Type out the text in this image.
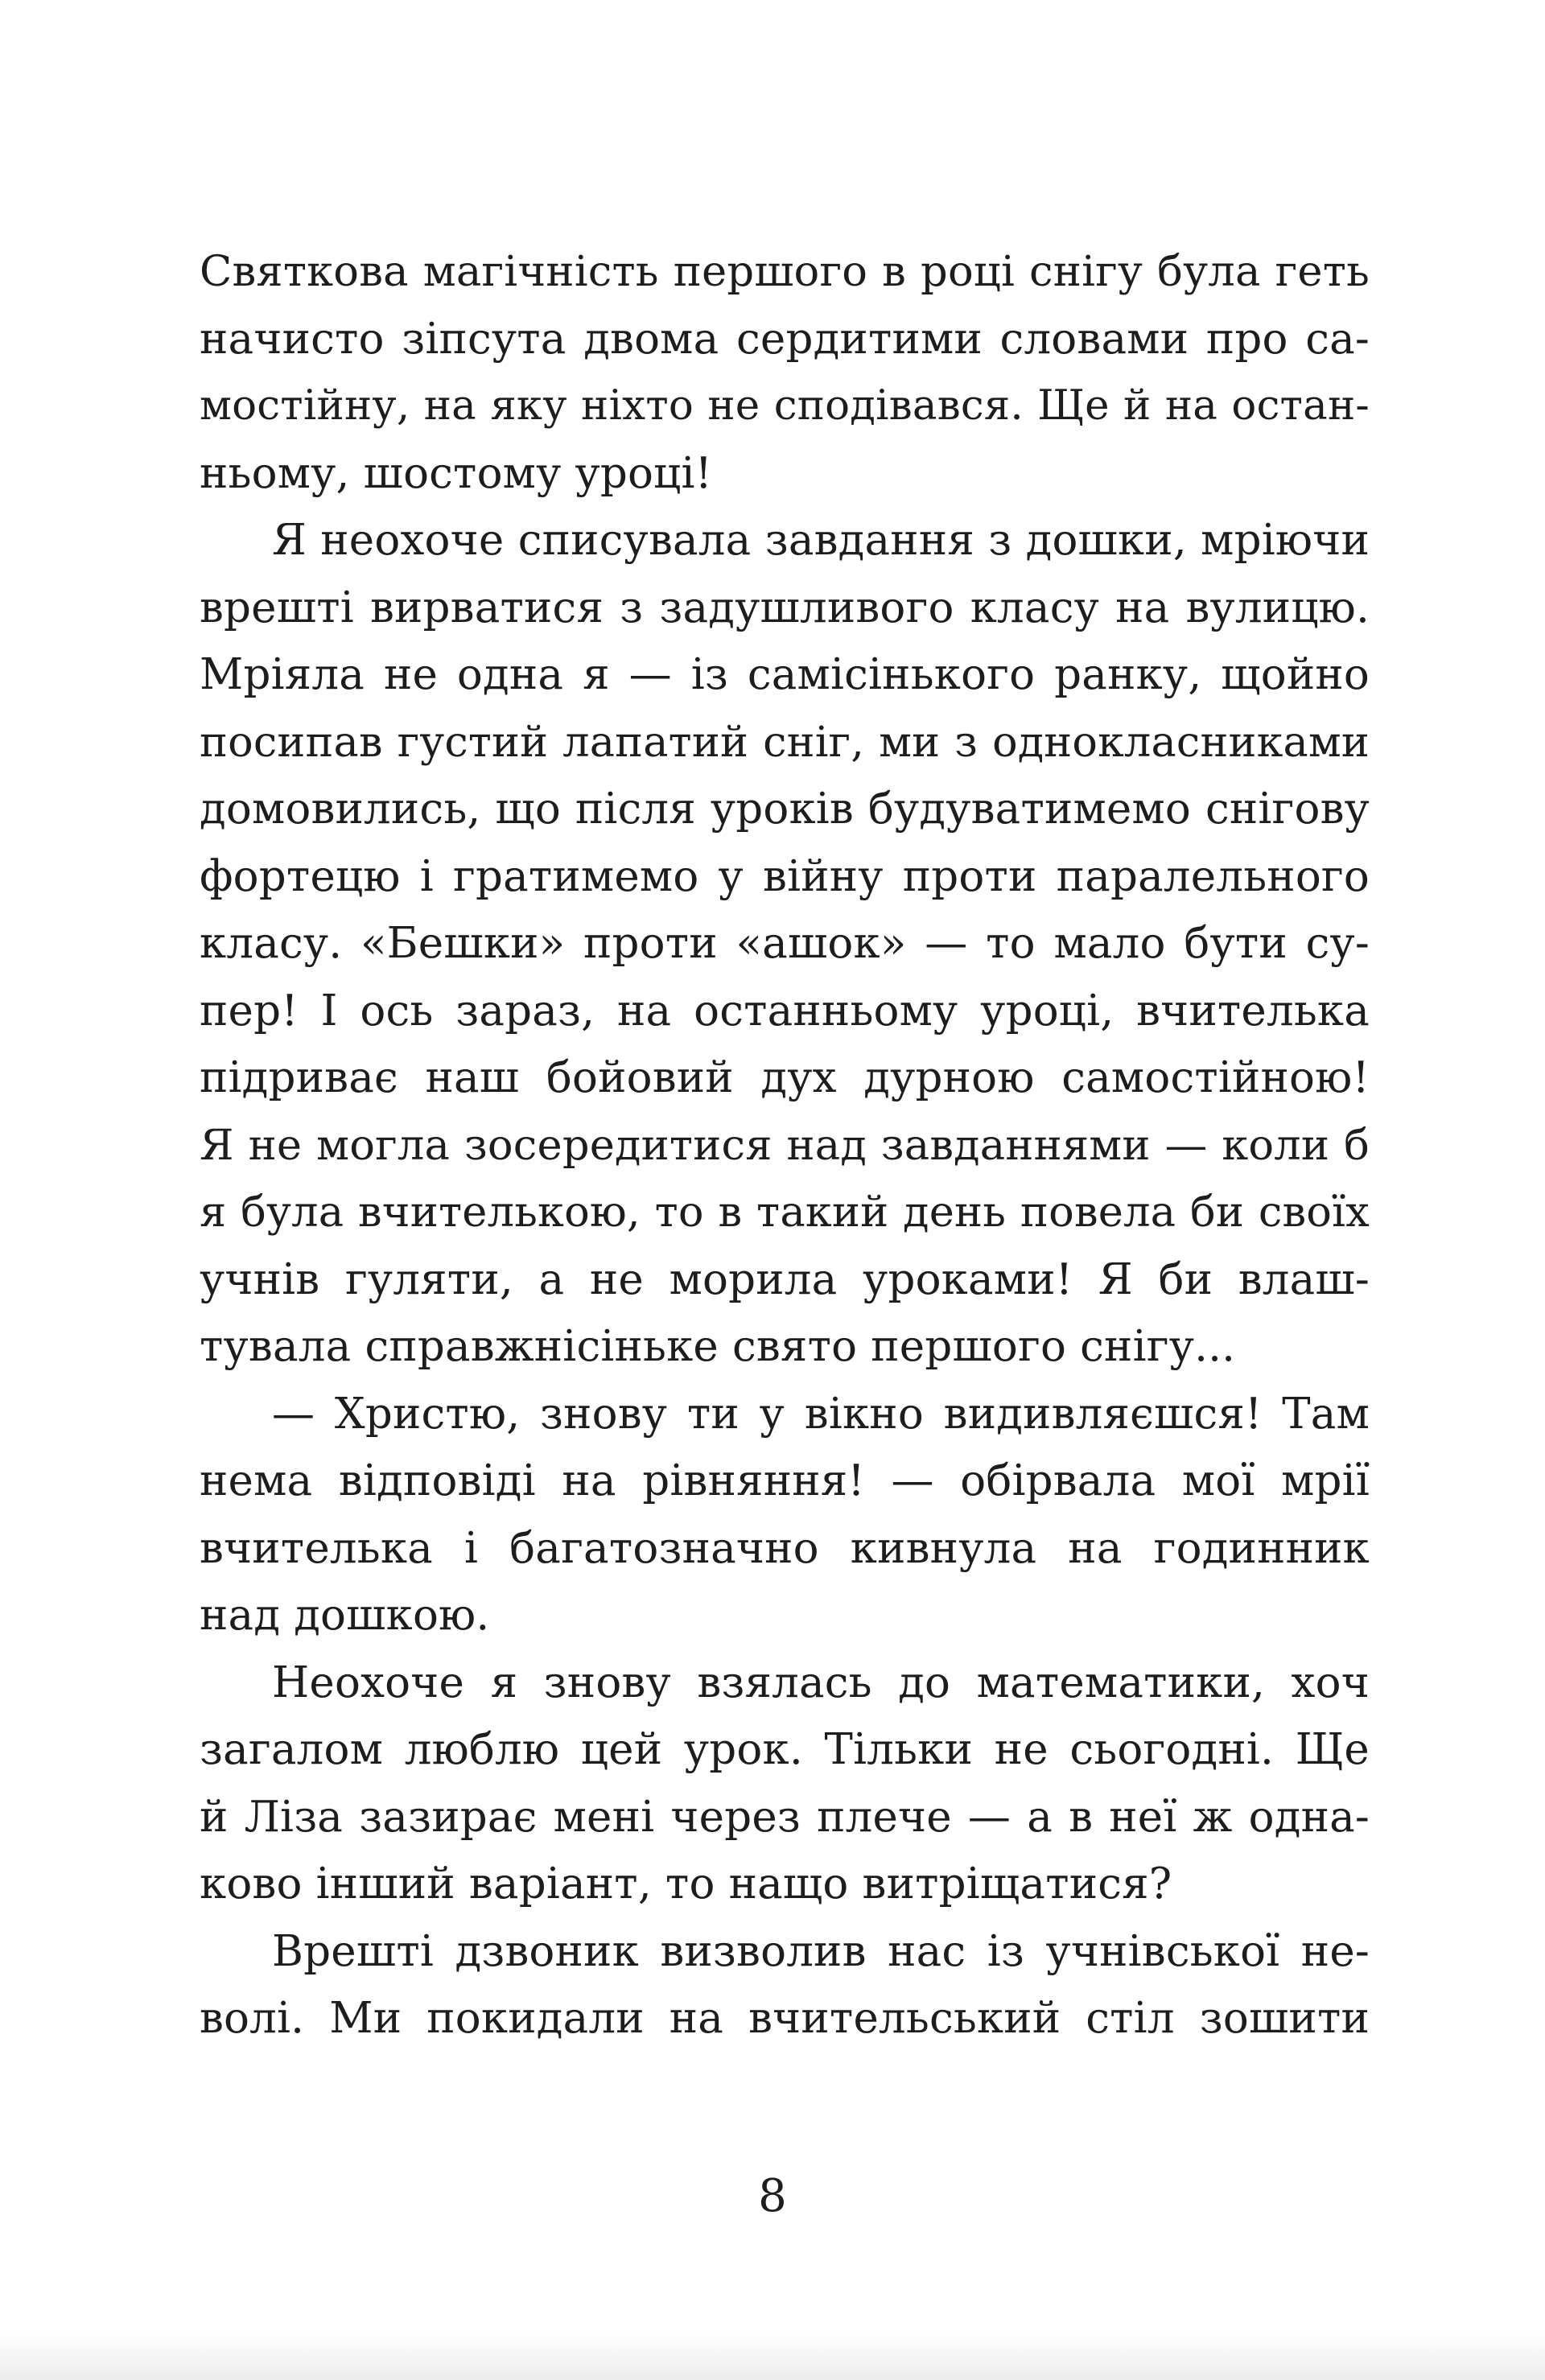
Святкова магічність першого в році снігу була геть
начисто зіпсута двома сердитими словами про са-
мостійну, на яку ніхто не сподівався. Ще й на остан-
ньому, шостому уроці!
Я неохоче списувала завдання з дошки, мріючи
врешті вирватися з задушливого класу на вулицю.
Мріяла не одна я — із самісінького ранку, щойно
посипав густий лапатий сніг, ми з однокласниками
домовились, що після уроків будуватимемо снігову
фортецю і гратимемо у війну проти паралельного
класу. «Бешки» проти «ашок» — то мало бути су-
пер! І ось зараз, на останньому уроці, вчителька
підриває наш бойовий дух дурною самостійною!
Я не могла зосередитися над завданнями — коли б
я була вчителькою, то в такий день повела би своїх
учнів гуляти, а не морила уроками! Я би влаш-
тувала справжнісіньке свято першого снігу...
— Христю, знову ти у вікно видивляєшся! Там
нема відповіді на рівняння! — обірвала мої мрії
вчителька і багатозначно кивнула на годинник
над дошкою.
Неохоче я знову взялась до математики, хоч
загалом люблю цей урок. Тільки не сьогодні. Ще
й Ліза зазирає мені через плече — а в неї ж одна-
ково інший варіант, то нащо витріщатися?
Врешті дзвоник визволив нас із учнівської не-
волі. Ми покидали на вчительський стіл зошити
8
